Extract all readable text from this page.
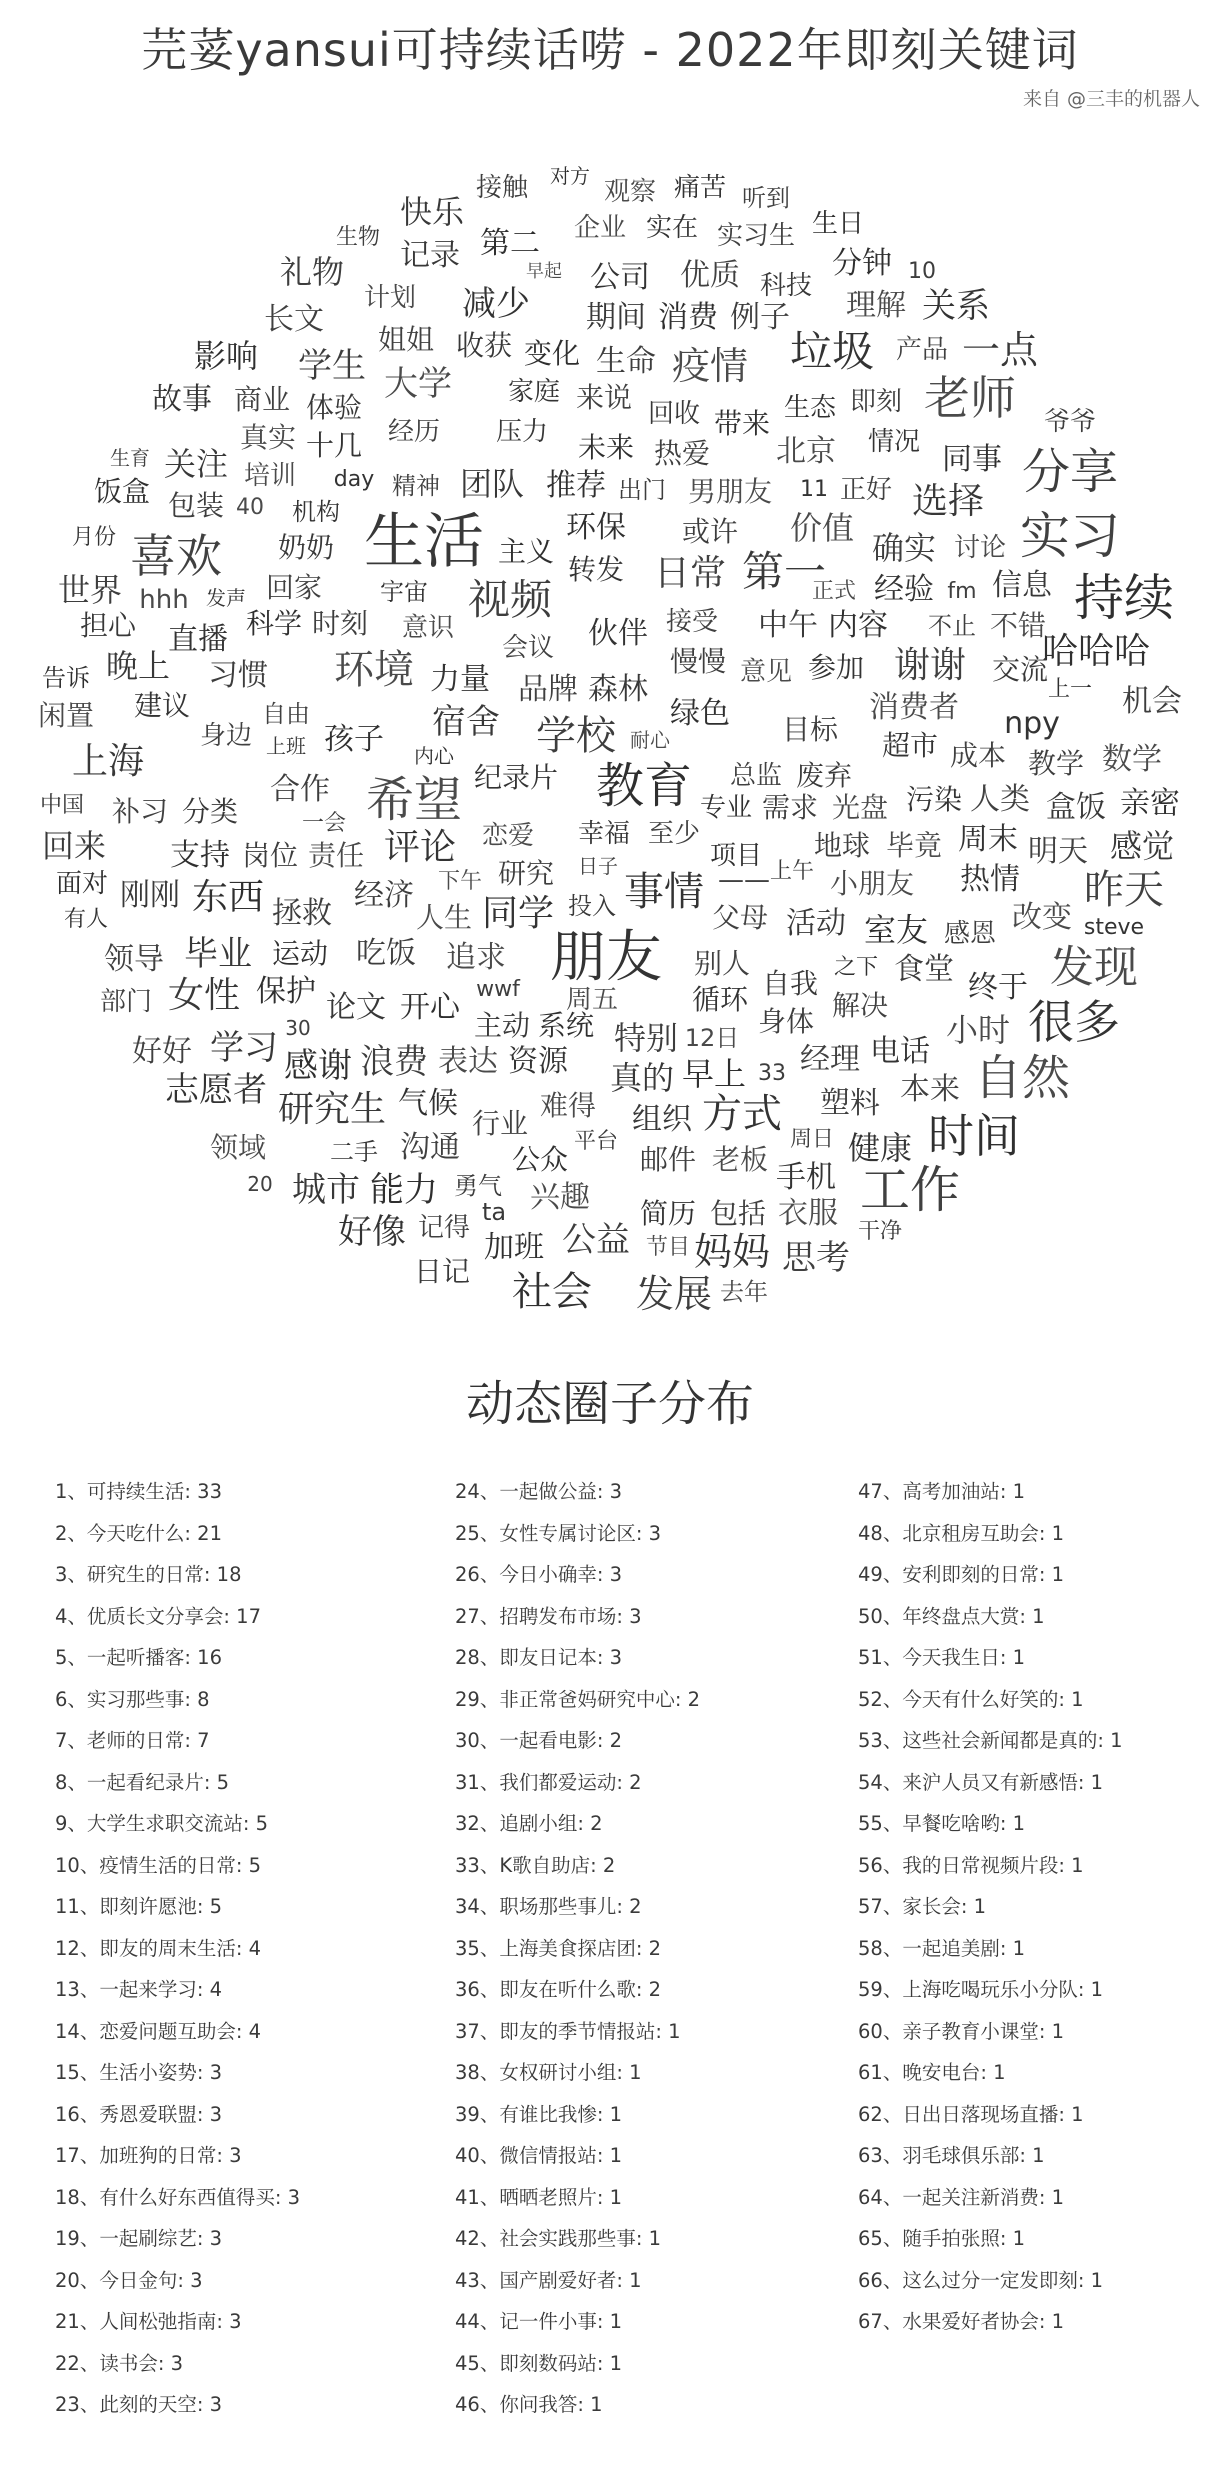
芫荽yansui可持续话唠 - 2022年即刻关键词
来自 @三丰的机器人
对方
接触	观察 痛苦 听到
快乐	生日
生物	企业 实在 实习生
记录 第二
礼物	早起 公司 优质 科技
分钟 10
计划 减少
长文	期间 消费 例子 理解 关系
姐姐 收获 变化 生命 疫情 垃圾 产品 一点
影响 学生 大学 家庭 来说 回收	生态 即刻 老师
故事 商业 体验	带来	爷爷
真实 十几 经历 压力 未来 热爱 北京 情况
生育 关注	同事 分享
培训 day 精神 团队 推荐 出门 男朋友 11 正好 选择
饭盒 包装 40 机构	实习
生活	环保 或许 价值
月份 喜欢 奶奶	主义	确实 讨论
转发 日常 第一
宇宙 视频	正式 经验 fm 信息 持续
世界 hhh 发声 回家
担心	科学 时刻 意识	伙伴 接受 中午 内容 不止 不错
直播	会议
晚上	哈哈哈
慢慢 意见 参加 谢谢 交流
告诉	习惯 环境 力量 品牌 森林	上一 机会
闲置 建议	自由	宿舍	绿色 目标
消费者 npy
身边 上班 孩子	学校 耐心	超市 成本
上海	内心	教学 数学
纪录片	总监 废弃
教育
合作 希望
中国 补习 分类	专业 需求 光盘 污染 人类 盒饭 亲密
一会	恋爱 幸福 至少
回来	项目 地球 毕竟 周末 明天 感觉
支持 岗位 责任 评论	日子	上午
面对	研究	小朋友 热情 昨天
刚刚 东西	经济 下午	事情 ——
投入
有人	拯救	人生 同学	父母 活动 室友 感恩 改变 steve
领导 毕业 运动 吃饭 追求 朋友 别人
自我 之下 食堂 发现
终于
部门 女性 保护	wwf 周五	循环	解决
论文 开心	身体	小时 很多
30	主动 系统 特别 12日	电话
好好 学习 感谢 浪费 表达 资源	经理
真的 早上 33	自然
志愿者	本来
研究生 气候	塑料
难得	方式
行业	组织	时间
周日
领域	二手 沟通	平台
公众	邮件 老板 健康
20 城市 能力 勇气 兴趣
手机 工作
ta	简历 包括 衣服
好像 记得	干净
加班 公益 节目 妈妈 思考
日记 社会 发展 去年
动态圈子分布
1、可持续生活: 33
2、今天吃什么: 21
3、研究生的日常: 18
4、优质长文分享会: 17
5、一起听播客: 16
6、实习那些事: 8
7、老师的日常: 7
8、一起看纪录片: 5
9、大学生求职交流站: 5
10、疫情生活的日常: 5
11、即刻许愿池: 5
12、即友的周末生活: 4
13、一起来学习: 4
14、恋爱问题互助会: 4
15、生活小姿势: 3
16、秀恩爱联盟: 3
17、加班狗的日常: 3
18、有什么好东西值得买: 3
19、一起刷综艺: 3
20、今日金句: 3
21、人间松弛指南: 3
22、读书会: 3
23、此刻的天空: 3
24、一起做公益: 3
25、女性专属讨论区: 3
26、今日小确幸: 3
27、招聘发布市场: 3
28、即友日记本: 3
29、非正常爸妈研究中心: 2
30、一起看电影: 2
31、我们都爱运动: 2
32、追剧小组: 2
33、K歌自助店: 2
34、职场那些事儿: 2
35、上海美食探店团: 2
36、即友在听什么歌: 2
37、即友的季节情报站: 1
38、女权研讨小组: 1
39、有谁比我惨: 1
40、微信情报站: 1
41、晒晒老照片: 1
42、社会实践那些事: 1
43、国产剧爱好者: 1
44、记一件小事: 1
45、即刻数码站: 1
46、你问我答: 1
47、高考加油站: 1
48、北京租房互助会: 1
49、安利即刻的日常: 1
50、年终盘点大赏: 1
51、今天我生日: 1
52、今天有什么好笑的: 1
53、这些社会新闻都是真的: 1
54、来沪人员又有新感悟: 1
55、早餐吃啥哟: 1
56、我的日常视频片段: 1
57、家长会: 1
58、一起追美剧: 1
59、上海吃喝玩乐小分队: 1
60、亲子教育小课堂: 1
61、晚安电台: 1
62、日出日落现场直播: 1
63、羽毛球俱乐部: 1
64、一起关注新消费: 1
65、随手拍张照: 1
66、这么过分一定发即刻: 1
67、水果爱好者协会: 1
